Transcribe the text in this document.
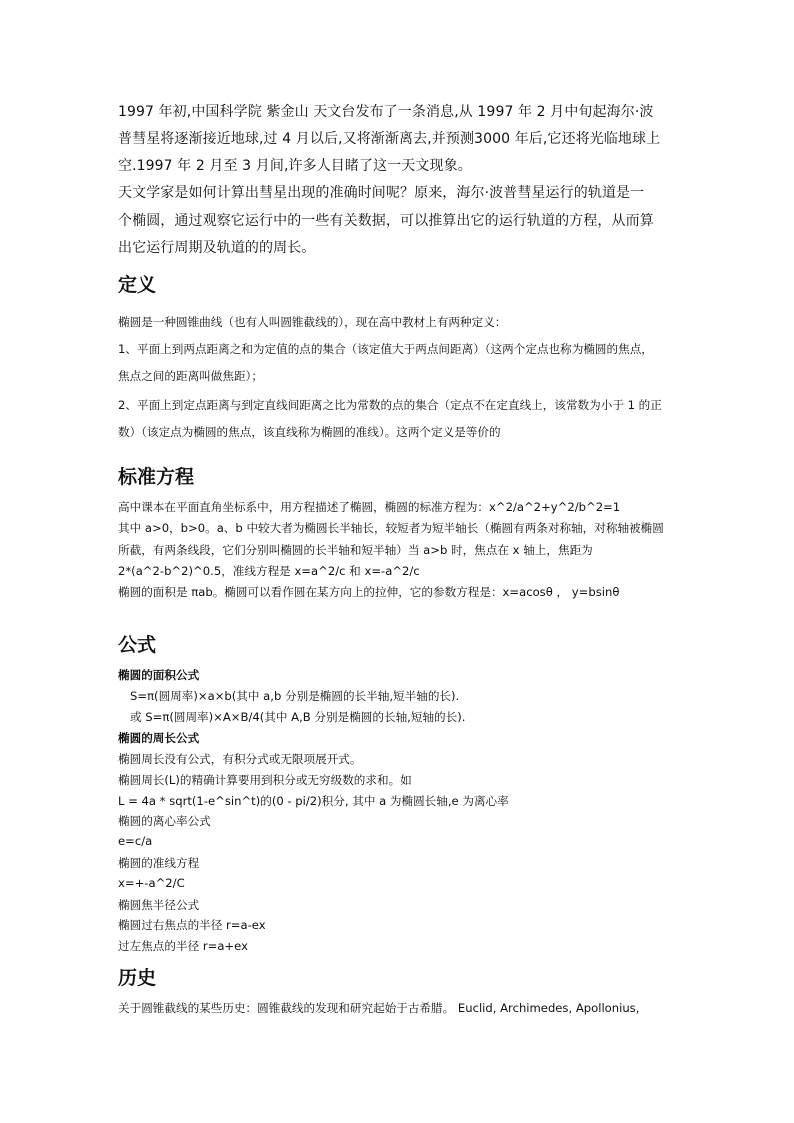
1997 年初,中国科学院 紫金山 天文台发布了一条消息,从 1997 年 2 月中旬起海尔·波
普彗星将逐渐接近地球,过 4 月以后,又将渐渐离去,并预测3000 年后,它还将光临地球上
空.1997 年 2 月至 3 月间,许多人目睹了这一天文现象。
天文学家是如何计算出彗星出现的准确时间呢？原来，海尔·波普彗星运行的轨道是一
个椭圆，通过观察它运行中的一些有关数据，可以推算出它的运行轨道的方程，从而算
出它运行周期及轨道的的周长。
定义
椭圆是一种圆锥曲线（也有人叫圆锥截线的），现在高中教材上有两种定义：
1、平面上到两点距离之和为定值的点的集合（该定值大于两点间距离）（这两个定点也称为椭圆的焦点，
焦点之间的距离叫做焦距）；
2、平面上到定点距离与到定直线间距离之比为常数的点的集合（定点不在定直线上，该常数为小于 1 的正
数）（该定点为椭圆的焦点，该直线称为椭圆的准线）。这两个定义是等价的
标准方程
高中课本在平面直角坐标系中，用方程描述了椭圆，椭圆的标准方程为：x^2/a^2+y^2/b^2=1
其中 a>0，b>0。a、b 中较大者为椭圆长半轴长，较短者为短半轴长（椭圆有两条对称轴，对称轴被椭圆
所截，有两条线段，它们分别叫椭圆的长半轴和短半轴）当 a>b 时，焦点在 x 轴上，焦距为
2*(a^2-b^2)^0.5，准线方程是 x=a^2/c 和 x=-a^2/c
椭圆的面积是 πab。椭圆可以看作圆在某方向上的拉伸，它的参数方程是：x=acosθ ， y=bsinθ
公式
椭圆的面积公式
S=π(圆周率)×a×b(其中 a,b 分别是椭圆的长半轴,短半轴的长).
或 S=π(圆周率)×A×B/4(其中 A,B 分别是椭圆的长轴,短轴的长).
椭圆的周长公式
椭圆周长没有公式，有积分式或无限项展开式。
椭圆周长(L)的精确计算要用到积分或无穷级数的求和。如
L = 4a * sqrt(1-e^sin^t)的(0 - pi/2)积分, 其中 a 为椭圆长轴,e 为离心率
椭圆的离心率公式
e=c/a
椭圆的准线方程
x=+-a^2/C
椭圆焦半径公式
椭圆过右焦点的半径 r=a-ex
过左焦点的半径 r=a+ex
历史
关于圆锥截线的某些历史：圆锥截线的发现和研究起始于古希腊。 Euclid, Archimedes, Apollonius,
